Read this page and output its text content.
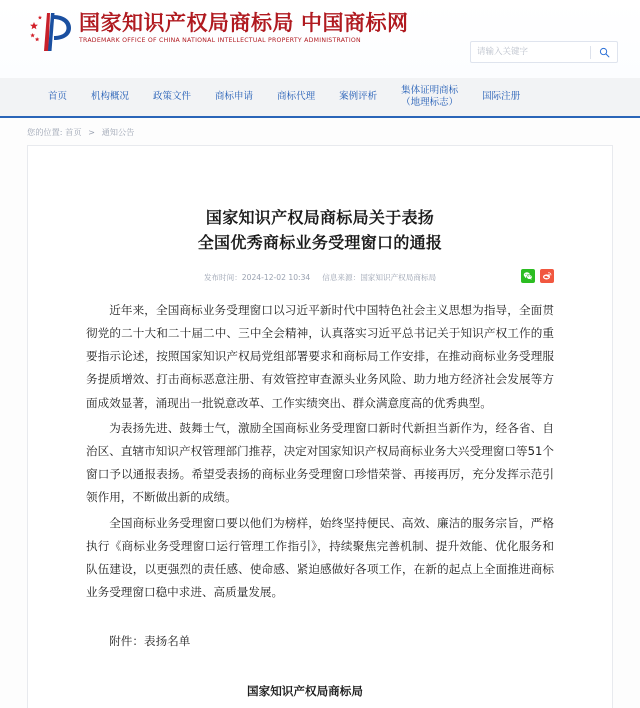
国家知识产权局商标局 中国商标网
TRADEMARK OFFICE OF CHINA NATIONAL INTELLECTUAL PROPERTY ADMINISTRATION
请输入关键字
首页	机构概况	政策文件	商标申请	商标代理	案例评析
集体证明商标
（地理标志）
国际注册
您的位置: 首页 > 通知公告
国家知识产权局商标局关于表扬
全国优秀商标业务受理窗口的通报
发布时间：2024-12-02 10:34 信息来源：国家知识产权局商标局

近年来，全国商标业务受理窗口以习近平新时代中国特色社会主义思想为指导，全面贯彻党的二十大和二十届二中、三中全会精神，认真落实习近平总书记关于知识产权工作的重要指示论述，按照国家知识产权局党组部署要求和商标局工作安排，在推动商标业务受理服务提质增效、打击商标恶意注册、有效管控审查源头业务风险、助力地方经济社会发展等方面成效显著，涌现出一批锐意改革、工作实绩突出、群众满意度高的优秀典型。

为表扬先进、鼓舞士气，激励全国商标业务受理窗口新时代新担当新作为，经各省、自治区、直辖市知识产权管理部门推荐，决定对国家知识产权局商标业务大兴受理窗口等51个窗口予以通报表扬。希望受表扬的商标业务受理窗口珍惜荣誉、再接再厉，充分发挥示范引领作用，不断做出新的成绩。

全国商标业务受理窗口要以他们为榜样，始终坚持便民、高效、廉洁的服务宗旨，严格执行《商标业务受理窗口运行管理工作指引》，持续聚焦完善机制、提升效能、优化服务和队伍建设，以更强烈的责任感、使命感、紧迫感做好各项工作，在新的起点上全面推进商标业务受理窗口稳中求进、高质量发展。

附件：表扬名单
国家知识产权局商标局
